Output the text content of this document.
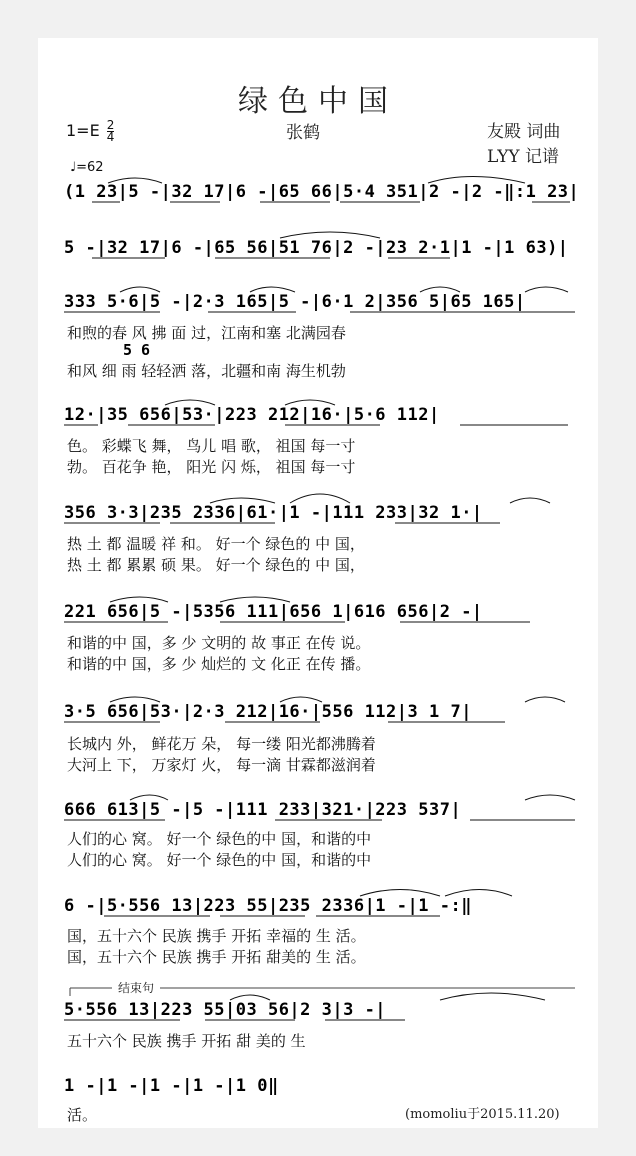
绿色中国
$1=E \frac{2}{4}$	张鹤	友殿 词曲
LYY 记谱
♩=62
(1 23|5 -|32 17|6 -|65 66|5·4 351|2 -|2 -‖:1 23|
5 -|32 17|6 -|65 56|51 76|2 -|23 2·1|1 -|1 63)|
333 5·6|5 -|2·3 165|5 -|6·1 2|356 5|65 165|
和煦的春 风 拂 面 过，江南和塞 北满园春
5 6
和风 细 雨 轻轻洒 落，北疆和南 海生机勃
12·|35 656|53·|223 212|16·|5·6 112|
色。 彩蝶飞 舞， 鸟儿 唱 歌， 祖国 每一寸
勃。 百花争 艳， 阳光 闪 烁， 祖国 每一寸
356 3·3|235 2336|61·|1 -|111 233|32 1·|
热 土 都 温暖 祥 和。 好一个 绿色的 中 国，
热 土 都 累累 硕 果。 好一个 绿色的 中 国，
221 656|5 -|5356 111|656 1|616 656|2 -|
和谐的中 国，多 少 文明的 故 事正 在传 说。
和谐的中 国，多 少 灿烂的 文 化正 在传 播。
3·5 656|53·|2·3 212|16·|556 112|3 1 7|
长城内 外， 鲜花万 朵， 每一缕 阳光都沸腾着
大河上 下， 万家灯 火， 每一滴 甘霖都滋润着
666 613|5 -|5 -|111 233|321·|223 537|
人们的心 窝。 好一个 绿色的中 国，和谐的中
人们的心 窝。 好一个 绿色的中 国，和谐的中
6 -|5·556 13|223 55|235 2336|1 -|1 -:‖
国，五十六个 民族 携手 开拓 幸福的 生 活。
国，五十六个 民族 携手 开拓 甜美的 生 活。
结束句
5·556 13|223 55|03 56|2 3|3 -|
五十六个 民族 携手 开拓 甜 美的 生
1 -|1 -|1 -|1 -|1 0‖
活。	(momoliu于2015.11.20)
